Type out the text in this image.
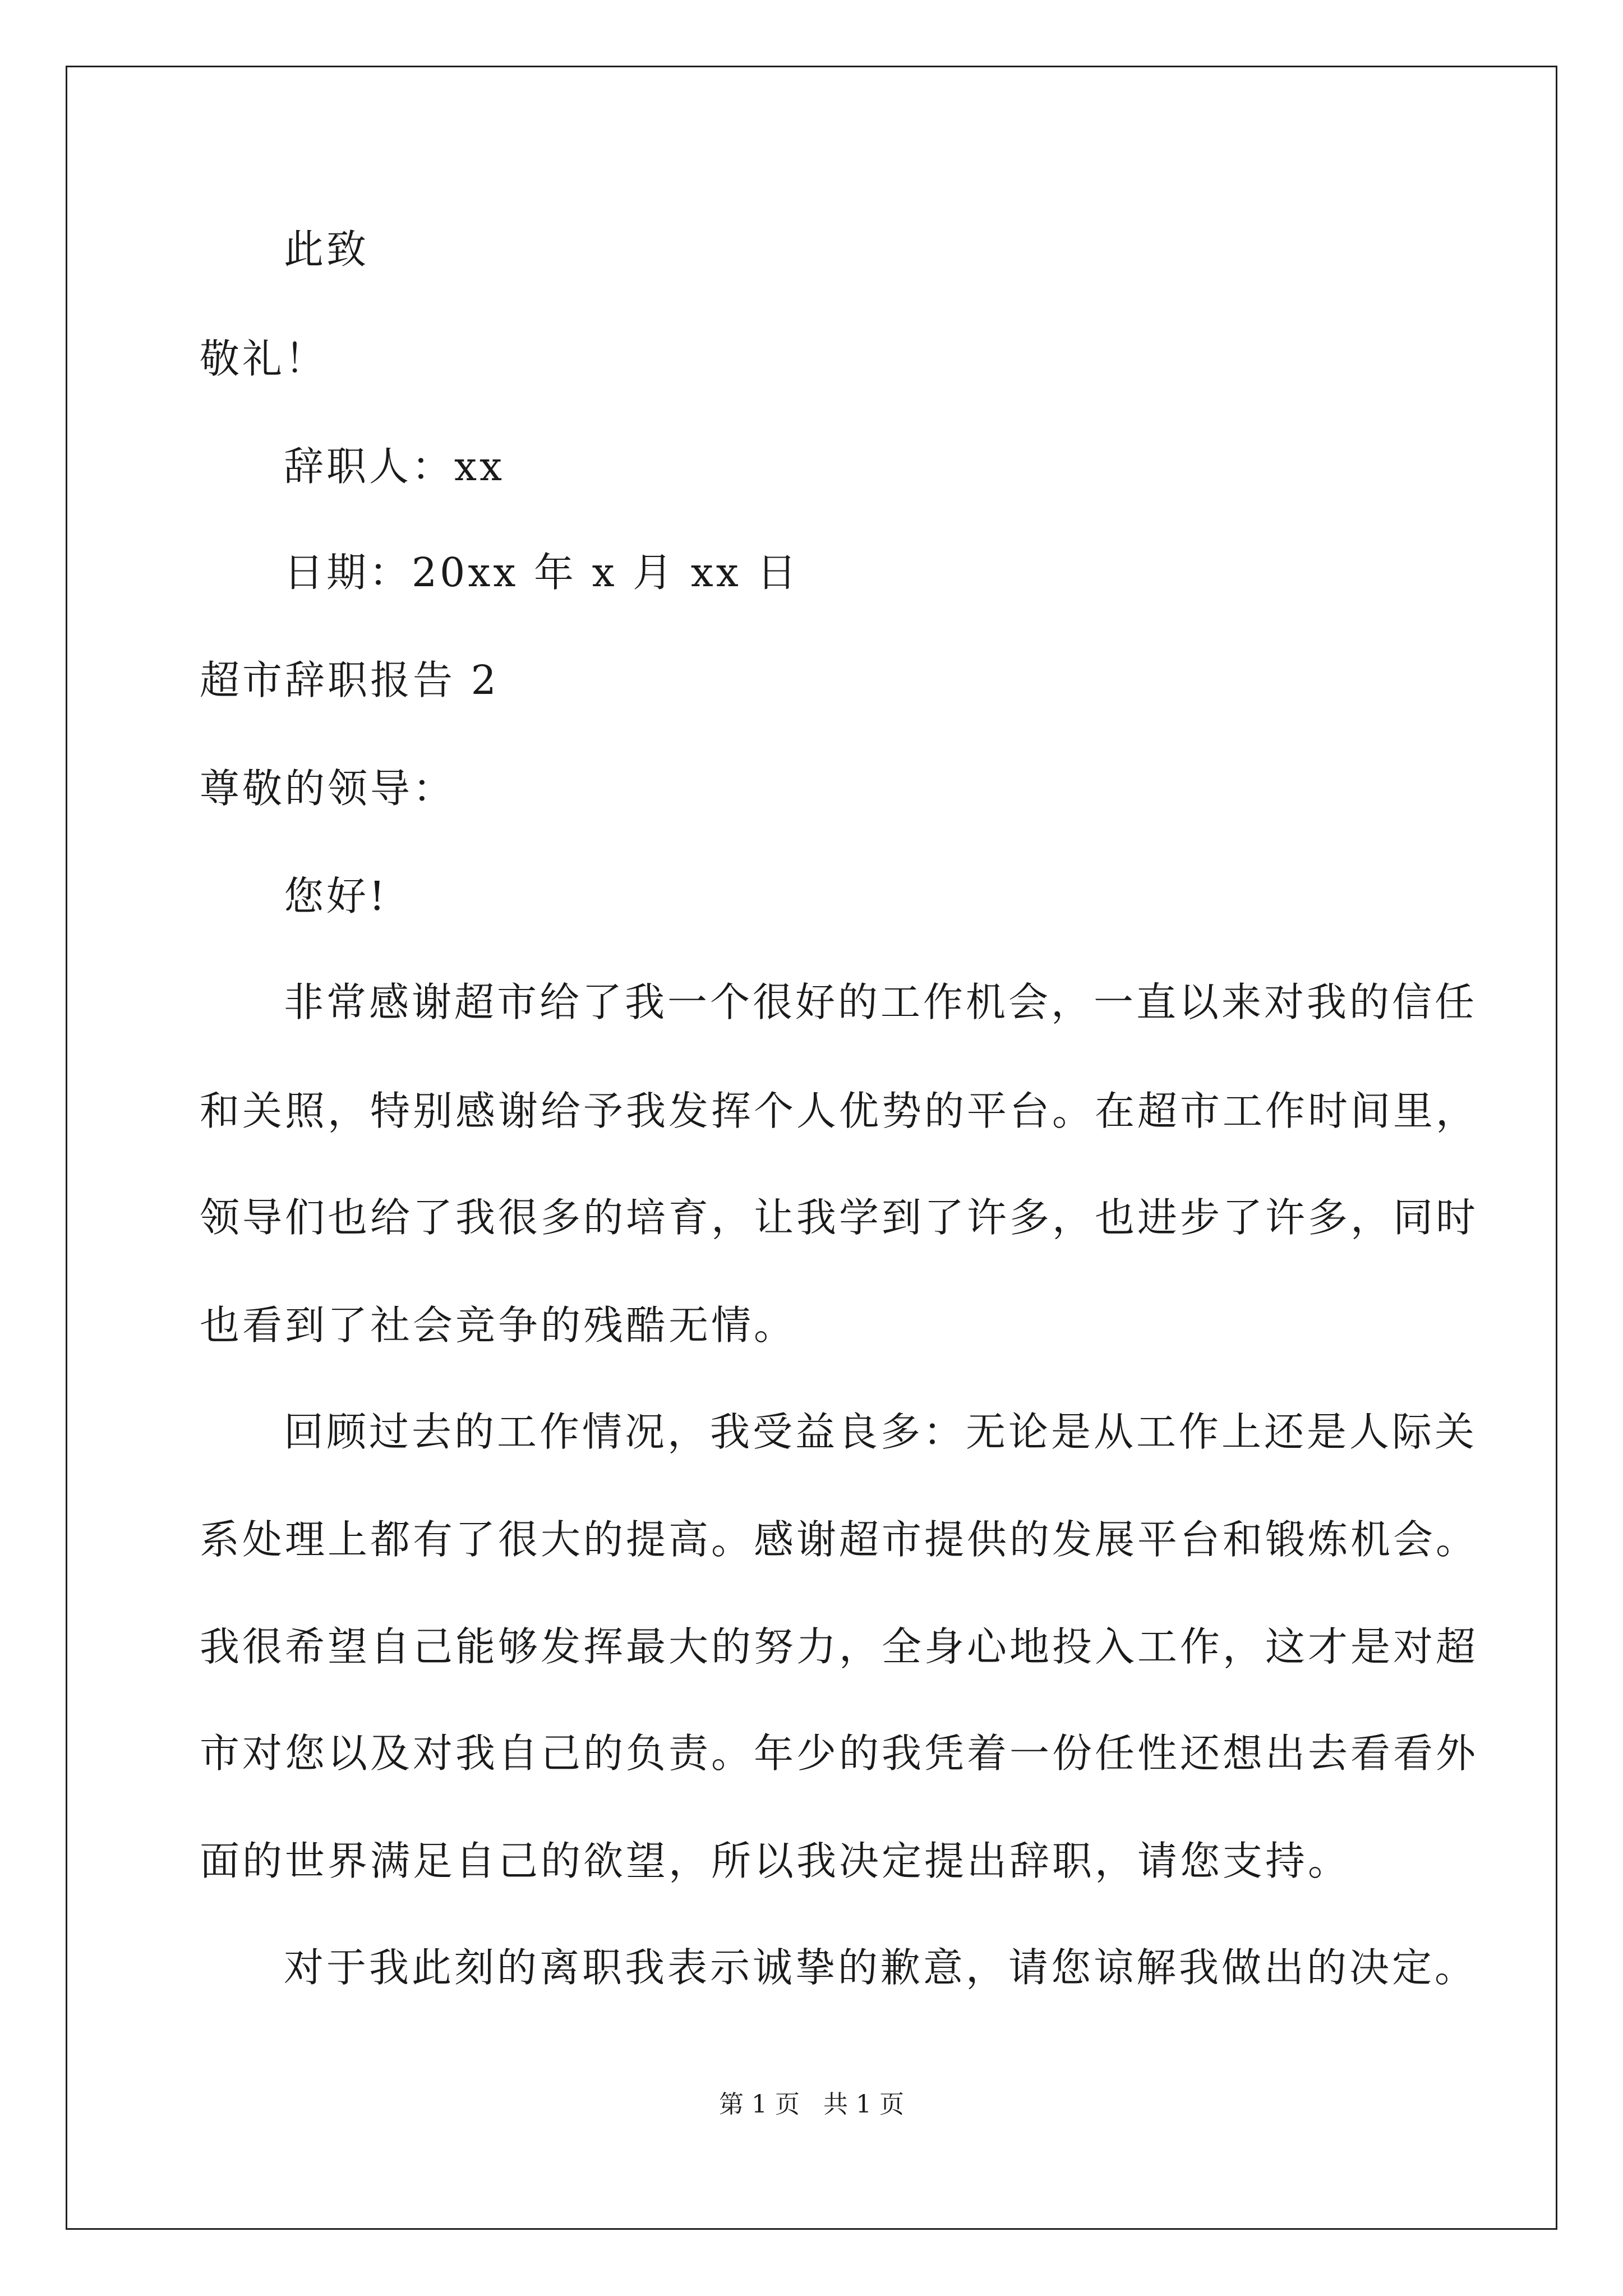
此致
敬礼！
辞职人：xx
日期：20xx 年 x 月 xx 日
超市辞职报告 2
尊敬的领导：
您好!
非常感谢超市给了我一个很好的工作机会，一直以来对我的信任
和关照，特别感谢给予我发挥个人优势的平台。在超市工作时间里，
领导们也给了我很多的培育，让我学到了许多，也进步了许多，同时
也看到了社会竞争的残酷无情。
回顾过去的工作情况，我受益良多：无论是从工作上还是人际关
系处理上都有了很大的提高。感谢超市提供的发展平台和锻炼机会。
我很希望自己能够发挥最大的努力，全身心地投入工作，这才是对超
市对您以及对我自己的负责。年少的我凭着一份任性还想出去看看外
面的世界满足自己的欲望，所以我决定提出辞职，请您支持。
对于我此刻的离职我表示诚挚的歉意，请您谅解我做出的决定。
第 1 页   共 1 页
